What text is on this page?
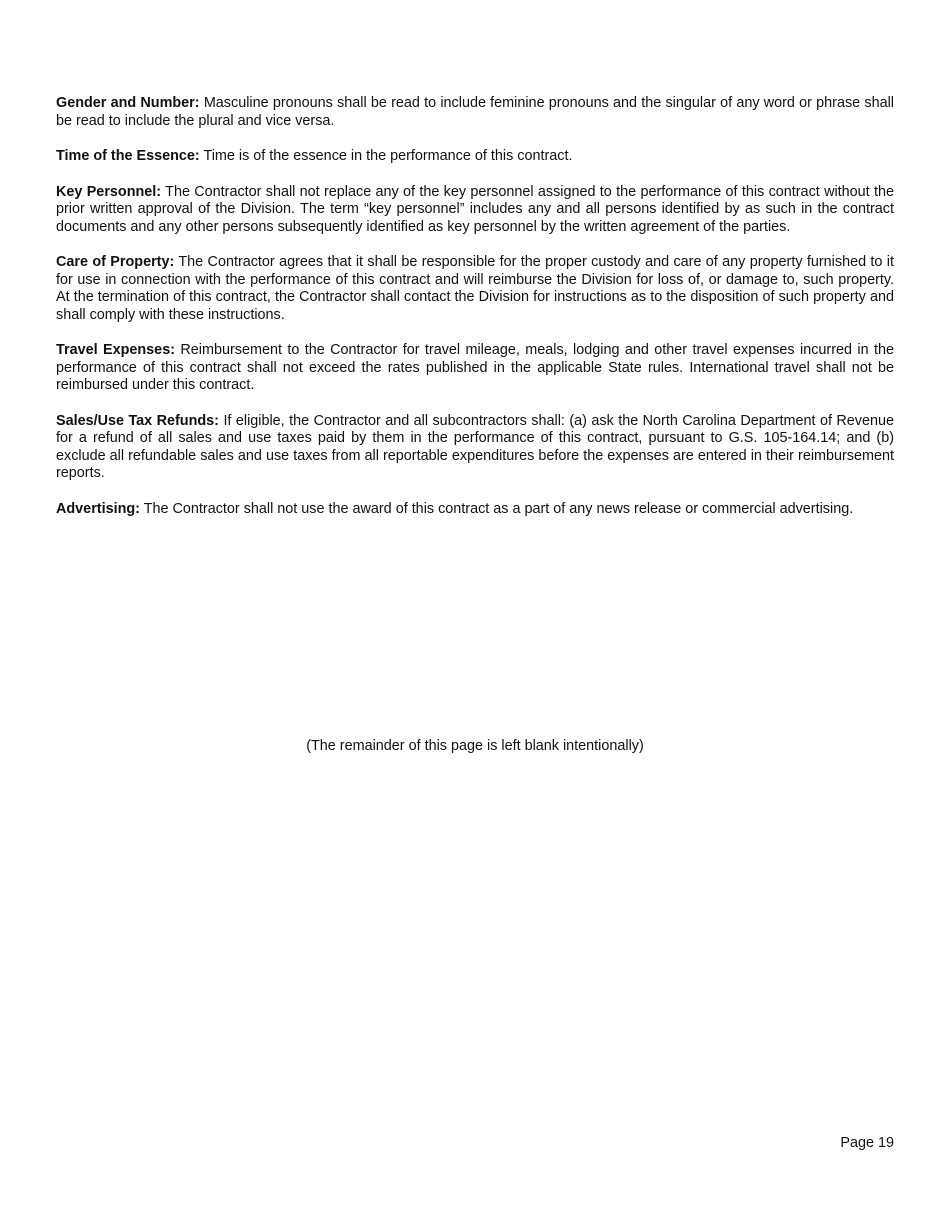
Gender and Number: Masculine pronouns shall be read to include feminine pronouns and the singular of any word or phrase shall be read to include the plural and vice versa.

Time of the Essence: Time is of the essence in the performance of this contract.

Key Personnel: The Contractor shall not replace any of the key personnel assigned to the performance of this contract without the prior written approval of the Division. The term “key personnel” includes any and all persons identified by as such in the contract documents and any other persons subsequently identified as key personnel by the written agreement of the parties.

Care of Property: The Contractor agrees that it shall be responsible for the proper custody and care of any property furnished to it for use in connection with the performance of this contract and will reimburse the Division for loss of, or damage to, such property. At the termination of this contract, the Contractor shall contact the Division for instructions as to the disposition of such property and shall comply with these instructions.

Travel Expenses: Reimbursement to the Contractor for travel mileage, meals, lodging and other travel expenses incurred in the performance of this contract shall not exceed the rates published in the applicable State rules. International travel shall not be reimbursed under this contract.

Sales/Use Tax Refunds: If eligible, the Contractor and all subcontractors shall: (a) ask the North Carolina Department of Revenue for a refund of all sales and use taxes paid by them in the performance of this contract, pursuant to G.S. 105-164.14; and (b) exclude all refundable sales and use taxes from all reportable expenditures before the expenses are entered in their reimbursement reports.

Advertising: The Contractor shall not use the award of this contract as a part of any news release or commercial advertising.

(The remainder of this page is left blank intentionally)
Page 19
